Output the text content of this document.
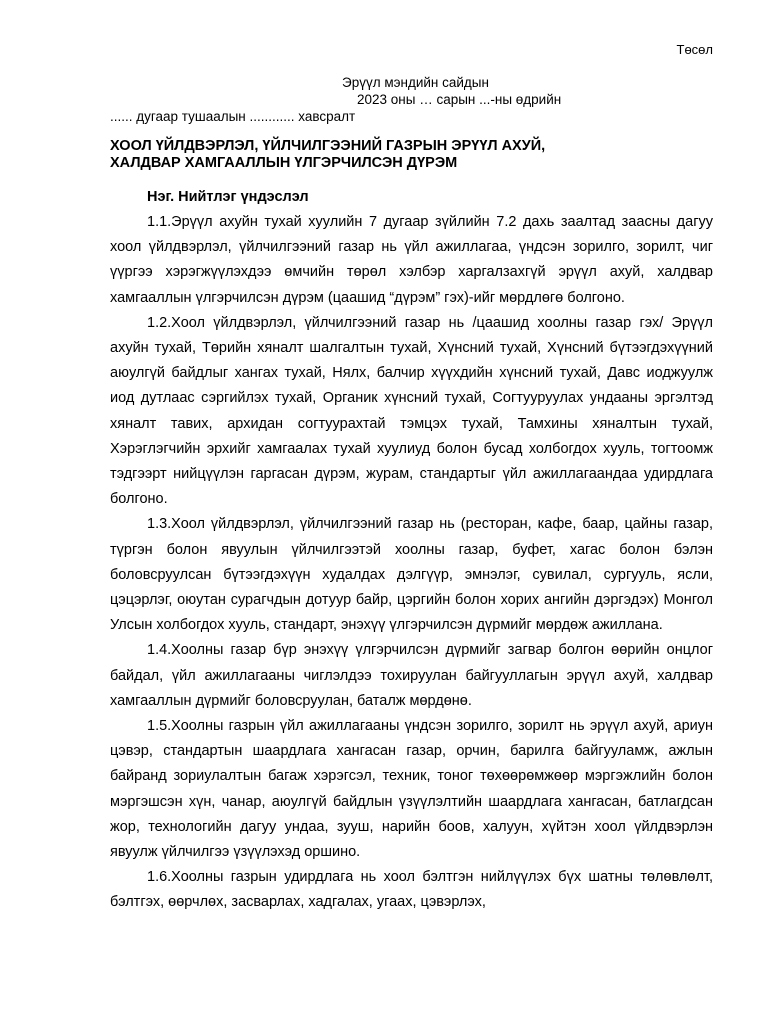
Төсөл
Эрүүл мэндийн сайдын
2023 оны … сарын ...-ны өдрийн
...... дугаар тушаалын ............ хавсралт
ХООЛ ҮЙЛДВЭРЛЭЛ, ҮЙЛЧИЛГЭЭНИЙ ГАЗРЫН ЭРҮҮЛ АХУЙ,
ХАЛДВАР ХАМГААЛЛЫН ҮЛГЭРЧИЛСЭН ДҮРЭМ
Нэг. Нийтлэг үндэслэл

1.1.Эрүүл ахуйн тухай хуулийн 7 дугаар зүйлийн 7.2 дахь заалтад заасны дагуу хоол үйлдвэрлэл, үйлчилгээний газар нь үйл ажиллагаа, үндсэн зорилго, зорилт, чиг үүргээ хэрэгжүүлэхдээ өмчийн төрөл хэлбэр харгалзахгүй эрүүл ахуй, халдвар хамгааллын үлгэрчилсэн дүрэм (цаашид “дүрэм” гэх)-ийг мөрдлөгө болгоно.

1.2.Хоол үйлдвэрлэл, үйлчилгээний газар нь /цаашид хоолны газар гэх/ Эрүүл ахуйн тухай, Төрийн хяналт шалгалтын тухай, Хүнсний тухай, Хүнсний бүтээгдэхүүний аюулгүй байдлыг хангах тухай, Нялх, балчир хүүхдийн хүнсний тухай, Давс иоджуулж иод дутлаас сэргийлэх тухай, Органик хүнсний тухай, Согтууруулах ундааны эргэлтэд хяналт тавих, архидан согтуурахтай тэмцэх тухай, Тамхины хяналтын тухай, Хэрэглэгчийн эрхийг хамгаалах тухай хуулиуд болон бусад холбогдох хууль, тогтоомж тэдгээрт нийцүүлэн гаргасан дүрэм, журам, стандартыг үйл ажиллагаандаа удирдлага болгоно.

1.3.Хоол үйлдвэрлэл, үйлчилгээний газар нь (ресторан, кафе, баар, цайны газар, түргэн болон явуулын үйлчилгээтэй хоолны газар, буфет, хагас болон бэлэн боловсруулсан бүтээгдэхүүн худалдах дэлгүүр, эмнэлэг, сувилал, сургууль, ясли, цэцэрлэг, оюутан сурагчдын дотуур байр, цэргийн болон хорих ангийн дэргэдэх) Монгол Улсын холбогдох хууль, стандарт, энэхүү үлгэрчилсэн дүрмийг мөрдөж ажиллана.

1.4.Хоолны газар бүр энэхүү үлгэрчилсэн дүрмийг загвар болгон өөрийн онцлог байдал, үйл ажиллагааны чиглэлдээ тохируулан байгууллагын эрүүл ахуй, халдвар хамгааллын дүрмийг боловсруулан, баталж мөрдөнө.

1.5.Хоолны газрын үйл ажиллагааны үндсэн зорилго, зорилт нь эрүүл ахуй, ариун цэвэр, стандартын шаардлага хангасан газар, орчин, барилга байгууламж, ажлын байранд зориулалтын багаж хэрэгсэл, техник, тоног төхөөрөмжөөр мэргэжлийн болон мэргэшсэн хүн, чанар, аюулгүй байдлын үзүүлэлтийн шаардлага хангасан, батлагдсан жор, технологийн дагуу ундаа, зууш, нарийн боов, халуун, хүйтэн хоол үйлдвэрлэн явуулж үйлчилгээ үзүүлэхэд оршино.

1.6.Хоолны газрын удирдлага нь хоол бэлтгэн нийлүүлэх бүх шатны төлөвлөлт, бэлтгэх, өөрчлөх, засварлах, хадгалах, угаах, цэвэрлэх,
